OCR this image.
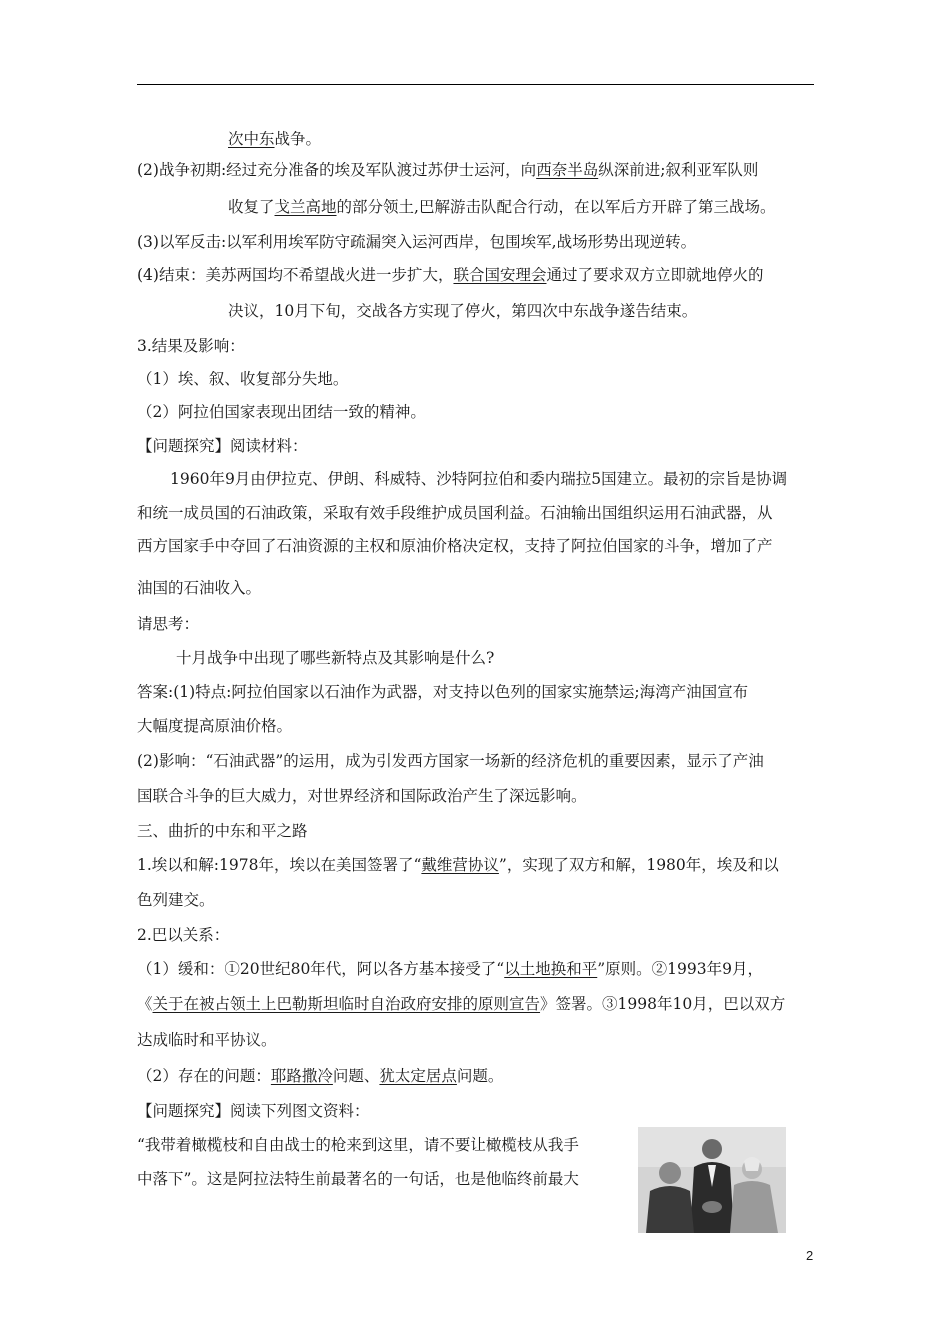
次中东战争。
(2)战争初期:经过充分准备的埃及军队渡过苏伊士运河，向西奈半岛纵深前进;叙利亚军队则
收复了戈兰高地的部分领土,巴解游击队配合行动，在以军后方开辟了第三战场。
(3)以军反击:以军利用埃军防守疏漏突入运河西岸，包围埃军,战场形势出现逆转。
(4)结束：美苏两国均不希望战火进一步扩大，联合国安理会通过了要求双方立即就地停火的
决议，10月下旬，交战各方实现了停火，第四次中东战争遂告结束。
3.结果及影响：
（1）埃、叙、收复部分失地。
（2）阿拉伯国家表现出团结一致的精神。
【问题探究】阅读材料：
1960年9月由伊拉克、伊朗、科威特、沙特阿拉伯和委内瑞拉5国建立。最初的宗旨是协调
和统一成员国的石油政策，采取有效手段维护成员国利益。石油输出国组织运用石油武器，从
西方国家手中夺回了石油资源的主权和原油价格决定权，支持了阿拉伯国家的斗争，增加了产
油国的石油收入。
请思考：
十月战争中出现了哪些新特点及其影响是什么?
答案:(1)特点:阿拉伯国家以石油作为武器，对支持以色列的国家实施禁运;海湾产油国宣布
大幅度提高原油价格。
(2)影响：“石油武器”的运用，成为引发西方国家一场新的经济危机的重要因素，显示了产油
国联合斗争的巨大威力，对世界经济和国际政治产生了深远影响。
三、曲折的中东和平之路
1.埃以和解:1978年，埃以在美国签署了“戴维营协议”，实现了双方和解，1980年，埃及和以
色列建交。
2.巴以关系：
（1）缓和：①20世纪80年代，阿以各方基本接受了“以土地换和平”原则。②1993年9月，
《关于在被占领土上巴勒斯坦临时自治政府安排的原则宣告》签署。③1998年10月，巴以双方
达成临时和平协议。
（2）存在的问题：耶路撒冷问题、犹太定居点问题。
【问题探究】阅读下列图文资料：
“我带着橄榄枝和自由战士的枪来到这里，请不要让橄榄枝从我手
中落下”。这是阿拉法特生前最著名的一句话，也是他临终前最大
2
